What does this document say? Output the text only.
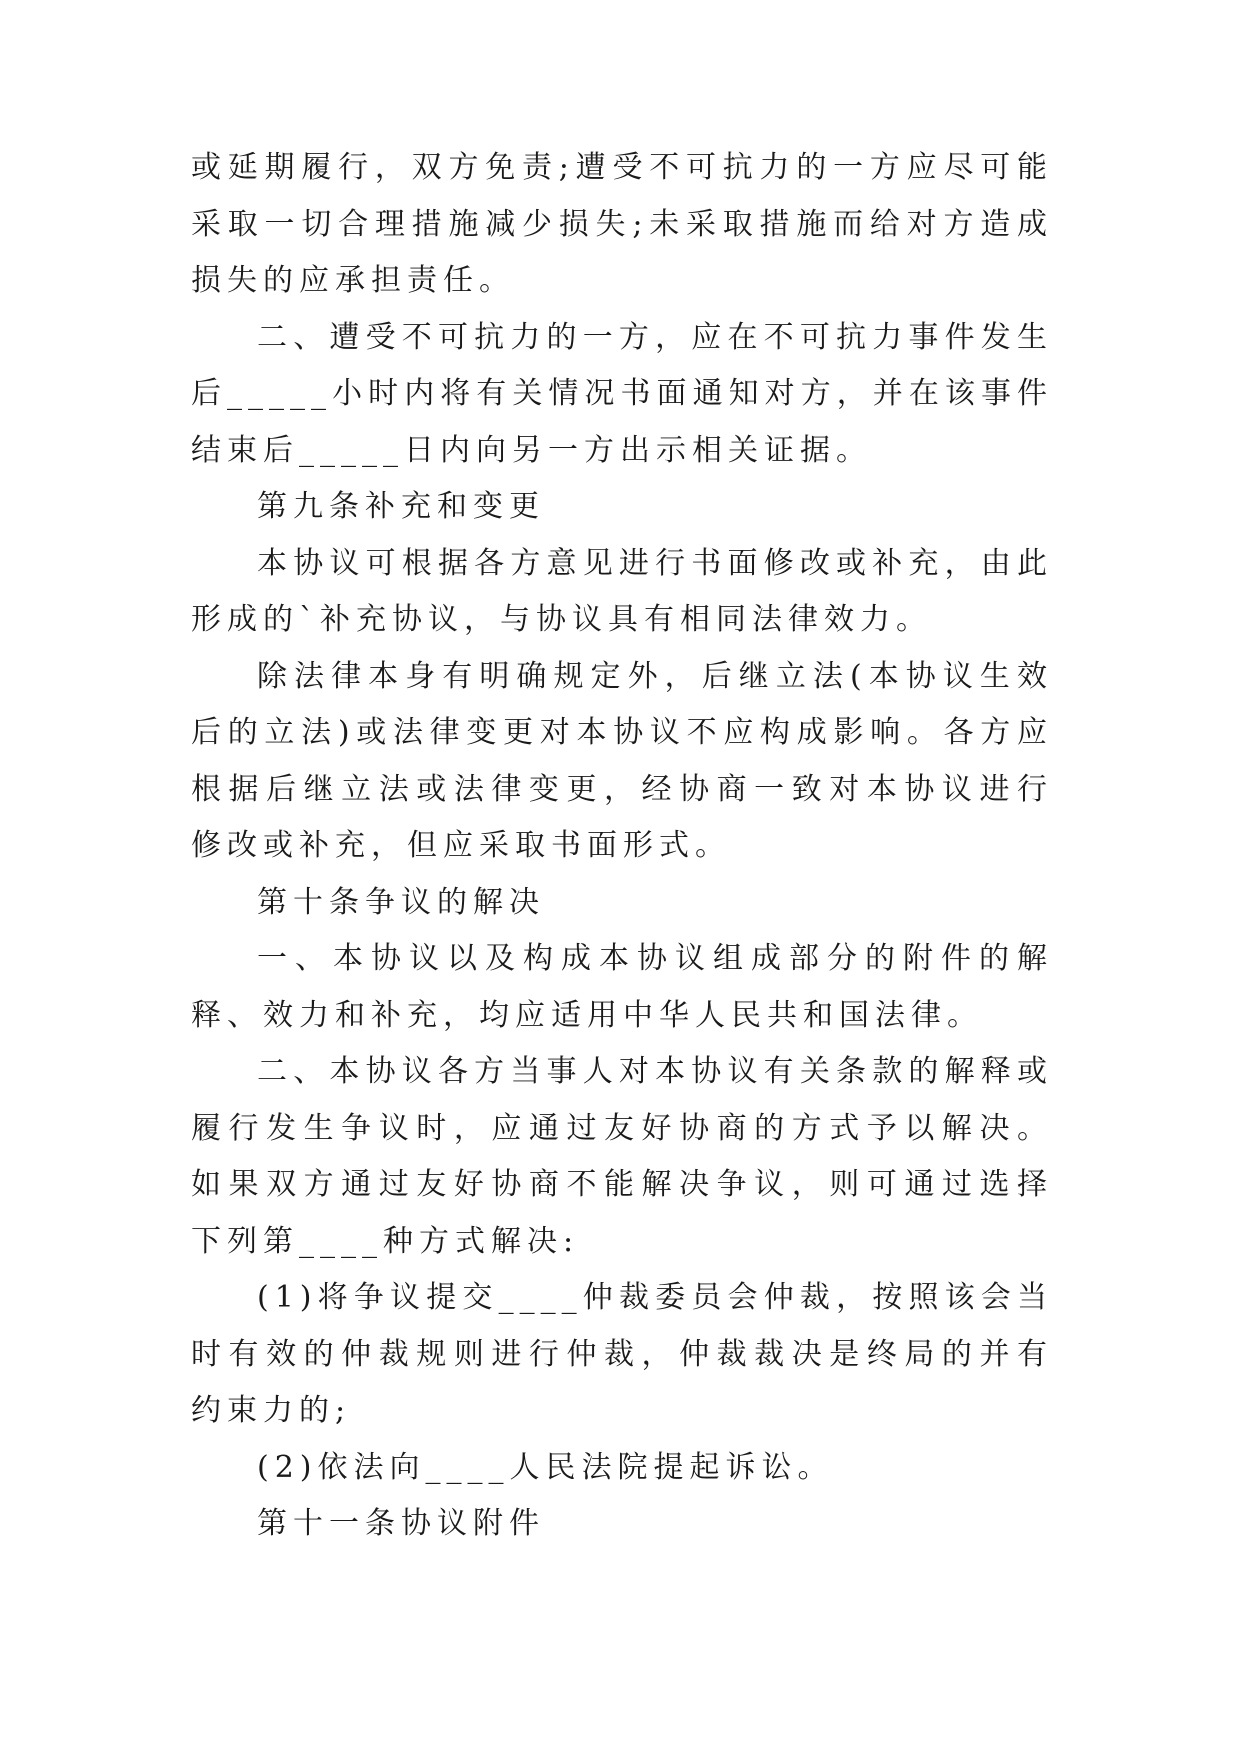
或延期履行，双方免责;遭受不可抗力的一方应尽可能采取一切合理措施减少损失;未采取措施而给对方造成损失的应承担责任。

二、遭受不可抗力的一方，应在不可抗力事件发生后_____小时内将有关情况书面通知对方，并在该事件结束后_____日内向另一方出示相关证据。

第九条补充和变更

本协议可根据各方意见进行书面修改或补充，由此形成的`补充协议，与协议具有相同法律效力。

除法律本身有明确规定外，后继立法(本协议生效后的立法)或法律变更对本协议不应构成影响。各方应根据后继立法或法律变更，经协商一致对本协议进行修改或补充，但应采取书面形式。

第十条争议的解决

一、本协议以及构成本协议组成部分的附件的解释、效力和补充，均应适用中华人民共和国法律。

二、本协议各方当事人对本协议有关条款的解释或履行发生争议时，应通过友好协商的方式予以解决。如果双方通过友好协商不能解决争议，则可通过选择下列第____种方式解决:

(1)将争议提交____仲裁委员会仲裁，按照该会当时有效的仲裁规则进行仲裁，仲裁裁决是终局的并有约束力的;

(2)依法向____人民法院提起诉讼。

第十一条协议附件
